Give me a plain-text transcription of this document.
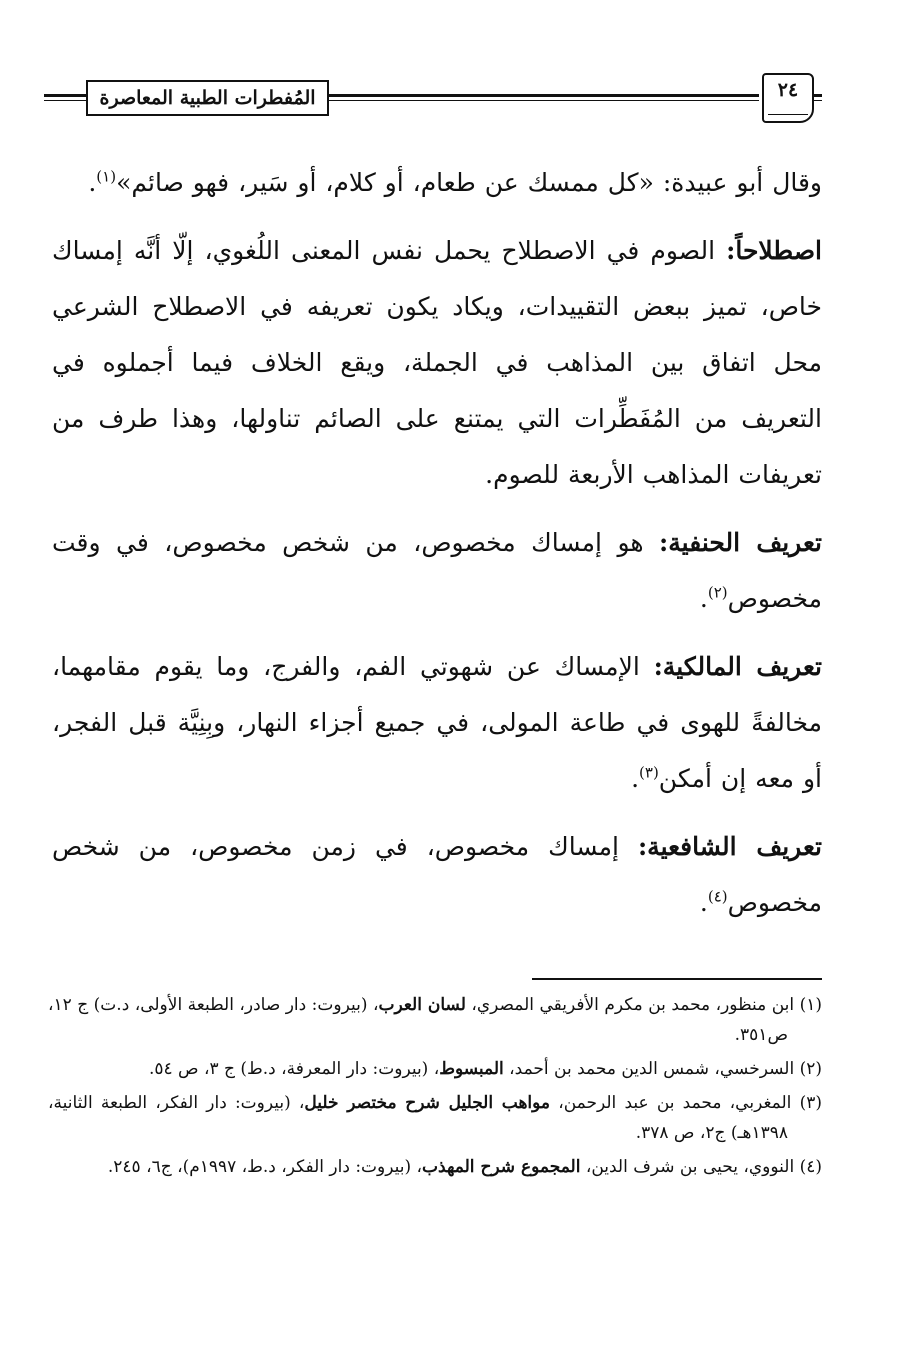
المُفطرات الطبية المعاصرة	٢٤

وقال أبو عبيدة: «كل ممسك عن طعام، أو كلام، أو سَير، فهو صائم»$^{(١)}$.

اصطلاحاً: الصوم في الاصطلاح يحمل نفس المعنى اللُغوي، إلّا أنَّه إمساك خاص، تميز ببعض التقييدات، ويكاد يكون تعريفه في الاصطلاح الشرعي محل اتفاق بين المذاهب في الجملة، ويقع الخلاف فيما أجملوه في التعريف من المُفَطِّرات التي يمتنع على الصائم تناولها، وهذا طرف من تعريفات المذاهب الأربعة للصوم.

تعريف الحنفية: هو إمساك مخصوص، من شخص مخصوص، في وقت مخصوص$^{(٢)}$.

تعريف المالكية: الإمساك عن شهوتي الفم، والفرج، وما يقوم مقامهما، مخالفةً للهوى في طاعة المولى، في جميع أجزاء النهار، وبِنِيَّة قبل الفجر، أو معه إن أمكن$^{(٣)}$.

تعريف الشافعية: إمساك مخصوص، في زمن مخصوص، من شخص مخصوص$^{(٤)}$.

(١) ابن منظور، محمد بن مكرم الأفريقي المصري، لسان العرب، (بيروت: دار صادر، الطبعة الأولى، د.ت) ج ١٢، ص٣٥١.

(٢) السرخسي، شمس الدين محمد بن أحمد، المبسوط، (بيروت: دار المعرفة، د.ط) ج ٣، ص ٥٤.

(٣) المغربي، محمد بن عبد الرحمن، مواهب الجليل شرح مختصر خليل، (بيروت: دار الفكر، الطبعة الثانية، ١٣٩٨هـ) ج٢، ص ٣٧٨.

(٤) النووي، يحيى بن شرف الدين، المجموع شرح المهذب، (بيروت: دار الفكر، د.ط، ١٩٩٧م)، ج٦، ٢٤٥.
